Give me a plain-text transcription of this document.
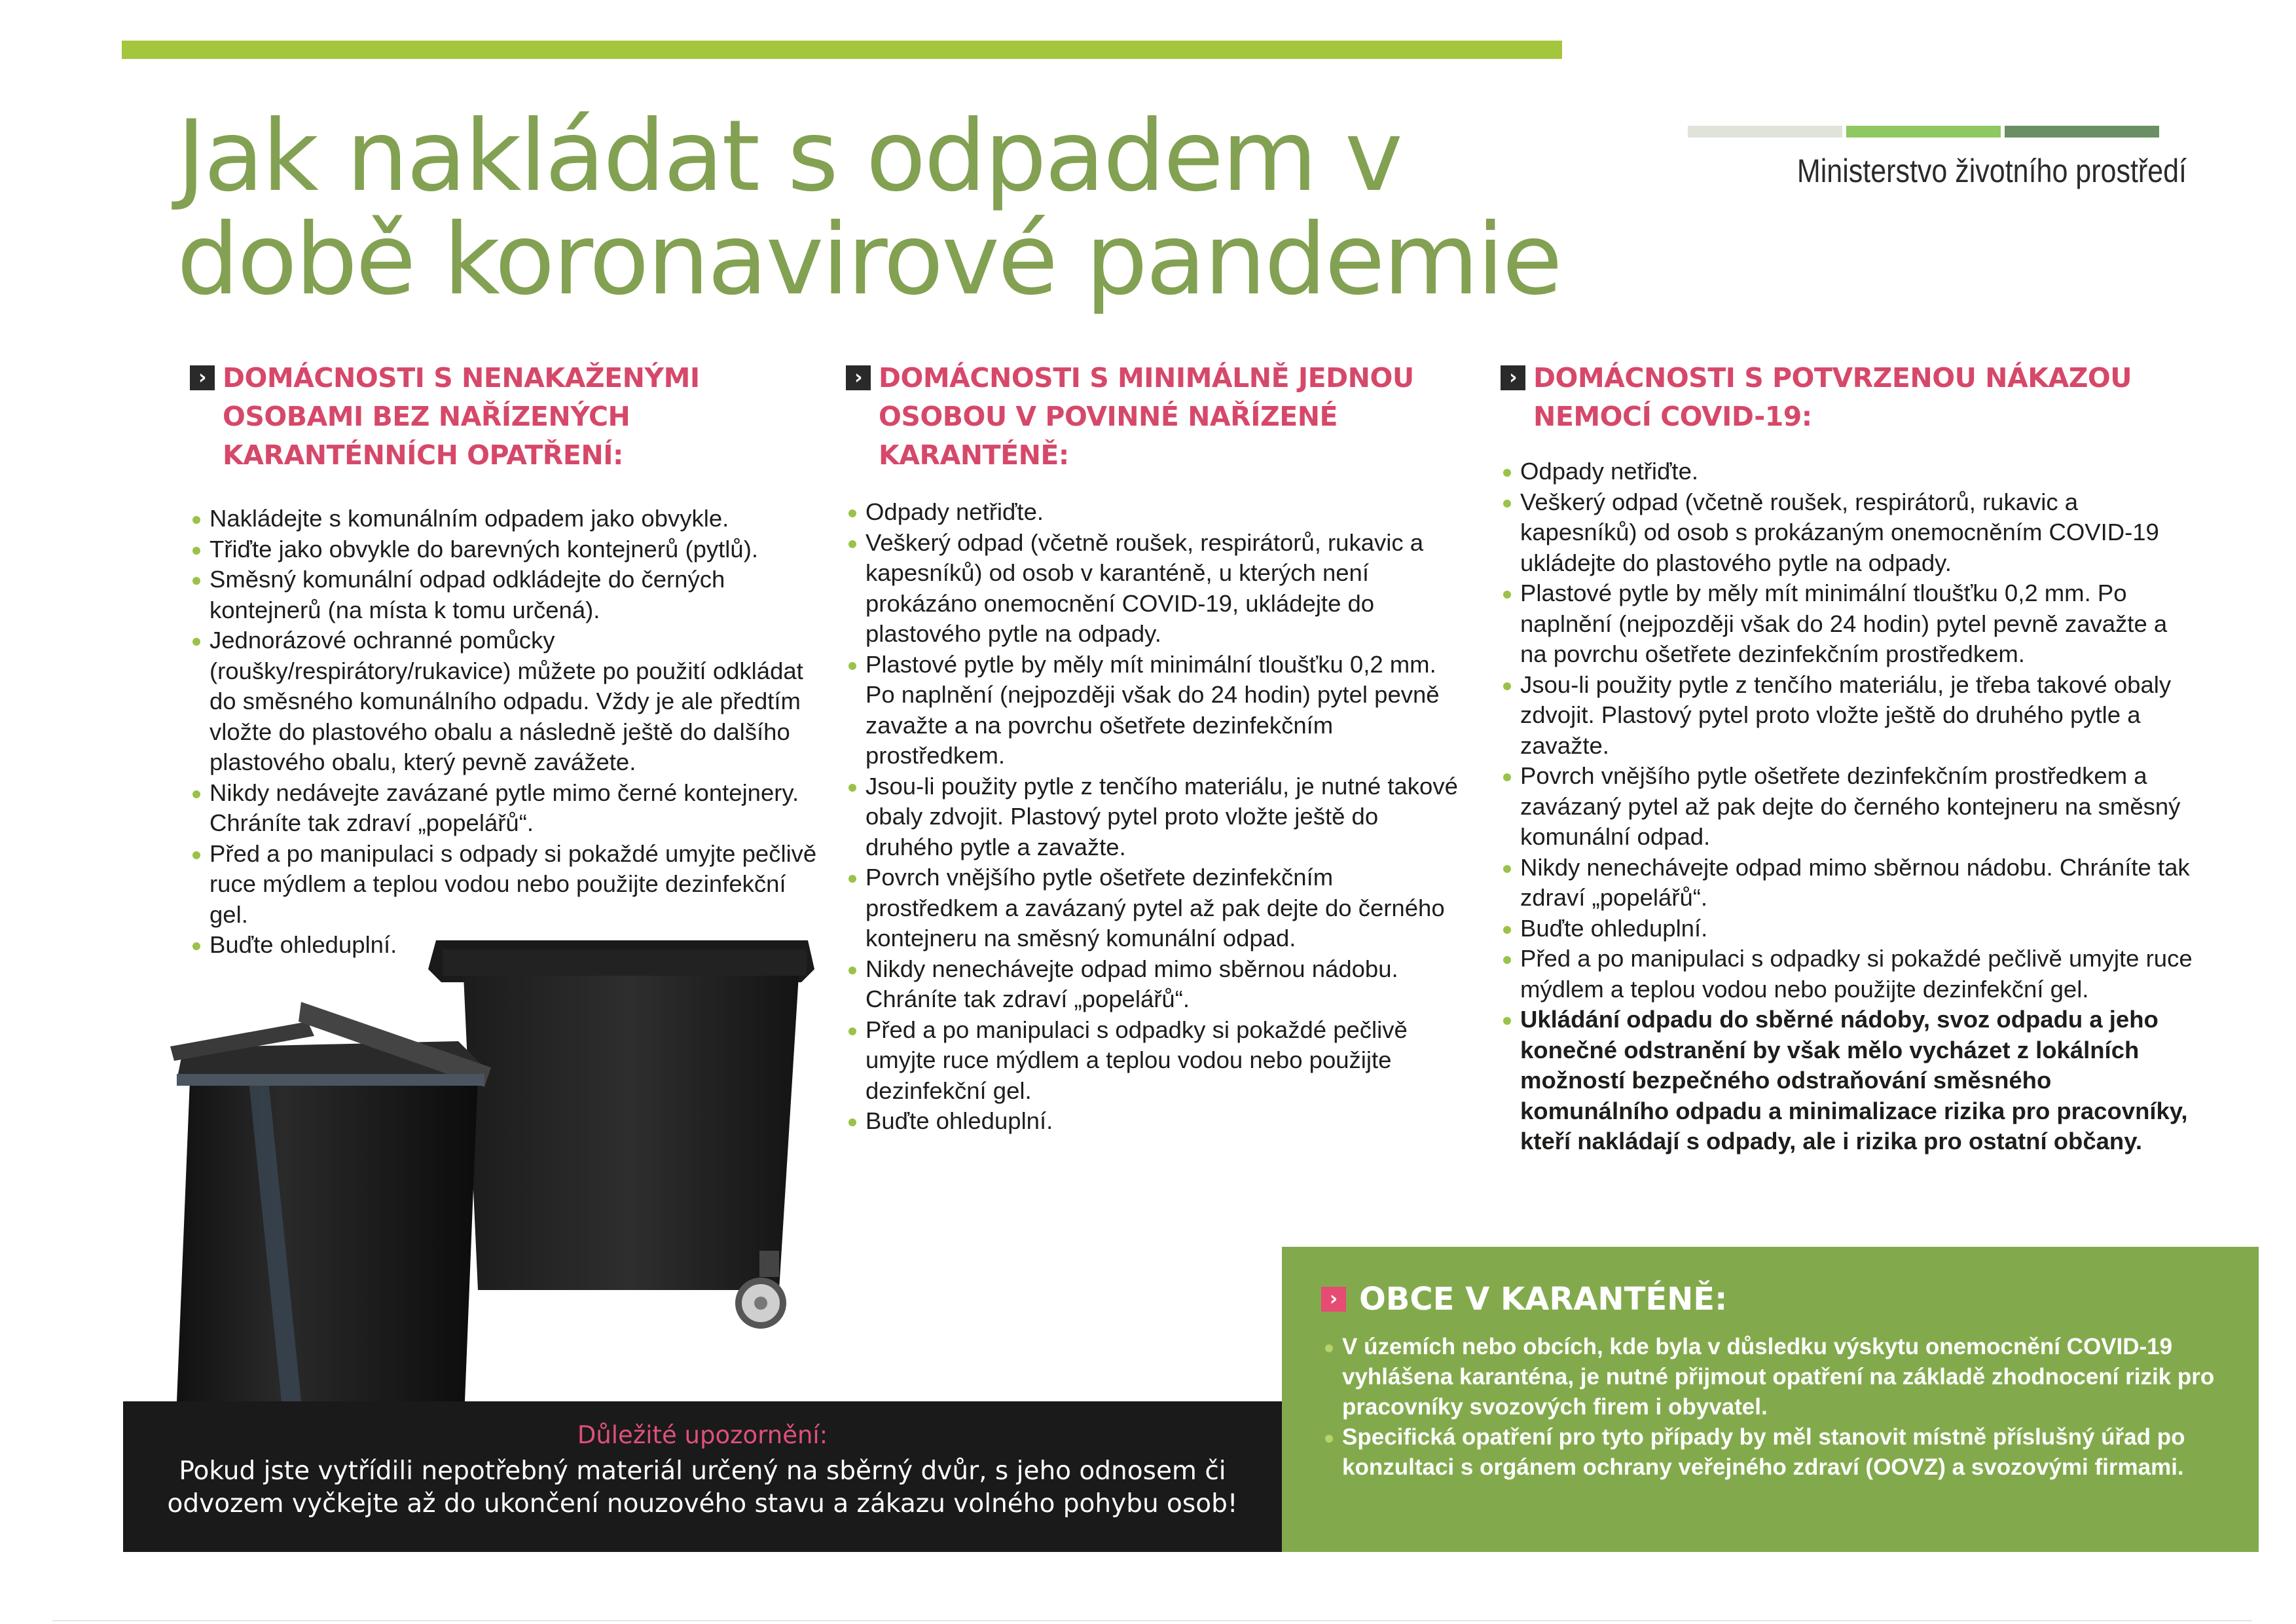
Jak nakládat s odpadem v době koronavirové pandemie
Ministerstvo životního prostředí
› DOMÁCNOSTI S NENAKAŽENÝMI
OSOBAMI BEZ NAŘÍZENÝCH
KARANTÉNNÍCH OPATŘENÍ:
Nakládejte s komunálním odpadem jako obvykle.
Třiďte jako obvykle do barevných kontejnerů (pytlů).
Směsný komunální odpad odkládejte do černých kontejnerů (na místa k tomu určená).
Jednorázové ochranné pomůcky (roušky/respirátory/rukavice) můžete po použití odkládat do směsného komunálního odpadu. Vždy je ale předtím vložte do plastového obalu a následně ještě do dalšího plastového obalu, který pevně zavážete.
Nikdy nedávejte zavázané pytle mimo černé kontejnery. Chráníte tak zdraví „popelářů“.
Před a po manipulaci s odpady si pokaždé umyjte pečlivě ruce mýdlem a teplou vodou nebo použijte dezinfekční gel.
Buďte ohleduplní.
› DOMÁCNOSTI S MINIMÁLNĚ JEDNOU
OSOBOU V POVINNÉ NAŘÍZENÉ
KARANTÉNĚ:
Odpady netřiďte.
Veškerý odpad (včetně roušek, respirátorů, rukavic a kapesníků) od osob v karanténě, u kterých není prokázáno onemocnění COVID-19, ukládejte do plastového pytle na odpady.
Plastové pytle by měly mít minimální tloušťku 0,2 mm. Po naplnění (nejpozději však do 24 hodin) pytel pevně zavažte a na povrchu ošetřete dezinfekčním prostředkem.
Jsou-li použity pytle z tenčího materiálu, je nutné takové obaly zdvojit. Plastový pytel proto vložte ještě do druhého pytle a zavažte.
Povrch vnějšího pytle ošetřete dezinfekčním prostředkem a zavázaný pytel až pak dejte do černého kontejneru na směsný komunální odpad.
Nikdy nenechávejte odpad mimo sběrnou nádobu. Chráníte tak zdraví „popelářů“.
Před a po manipulaci s odpadky si pokaždé pečlivě umyjte ruce mýdlem a teplou vodou nebo použijte dezinfekční gel.
Buďte ohleduplní.
› DOMÁCNOSTI S POTVRZENOU NÁKAZOU
NEMOCÍ COVID-19:
Odpady netřiďte.
Veškerý odpad (včetně roušek, respirátorů, rukavic a kapesníků) od osob s prokázaným onemocněním COVID-19 ukládejte do plastového pytle na odpady.
Plastové pytle by měly mít minimální tloušťku 0,2 mm. Po naplnění (nejpozději však do 24 hodin) pytel pevně zavažte a na povrchu ošetřete dezinfekčním prostředkem.
Jsou-li použity pytle z tenčího materiálu, je třeba takové obaly zdvojit. Plastový pytel proto vložte ještě do druhého pytle a zavažte.
Povrch vnějšího pytle ošetřete dezinfekčním prostředkem a zavázaný pytel až pak dejte do černého kontejneru na směsný komunální odpad.
Nikdy nenechávejte odpad mimo sběrnou nádobu. Chráníte tak zdraví „popelářů“.
Buďte ohleduplní.
Před a po manipulaci s odpadky si pokaždé pečlivě umyjte ruce mýdlem a teplou vodou nebo použijte dezinfekční gel.
Ukládání odpadu do sběrné nádoby, svoz odpadu a jeho konečné odstranění by však mělo vycházet z lokálních možností bezpečného odstraňování směsného komunálního odpadu a minimalizace rizika pro pracovníky, kteří nakládají s odpady, ale i rizika pro ostatní občany.
Důležité upozornění:
Pokud jste vytřídili nepotřebný materiál určený na sběrný dvůr, s jeho odnosem či odvozem vyčkejte až do ukončení nouzového stavu a zákazu volného pohybu osob!
› OBCE V KARANTÉNĚ:
V územích nebo obcích, kde byla v důsledku výskytu onemocnění COVID-19 vyhlášena karanténa, je nutné přijmout opatření na základě zhodnocení rizik pro pracovníky svozových firem i obyvatel.
Specifická opatření pro tyto případy by měl stanovit místně příslušný úřad po konzultaci s orgánem ochrany veřejného zdraví (OOVZ) a svozovými firmami.
